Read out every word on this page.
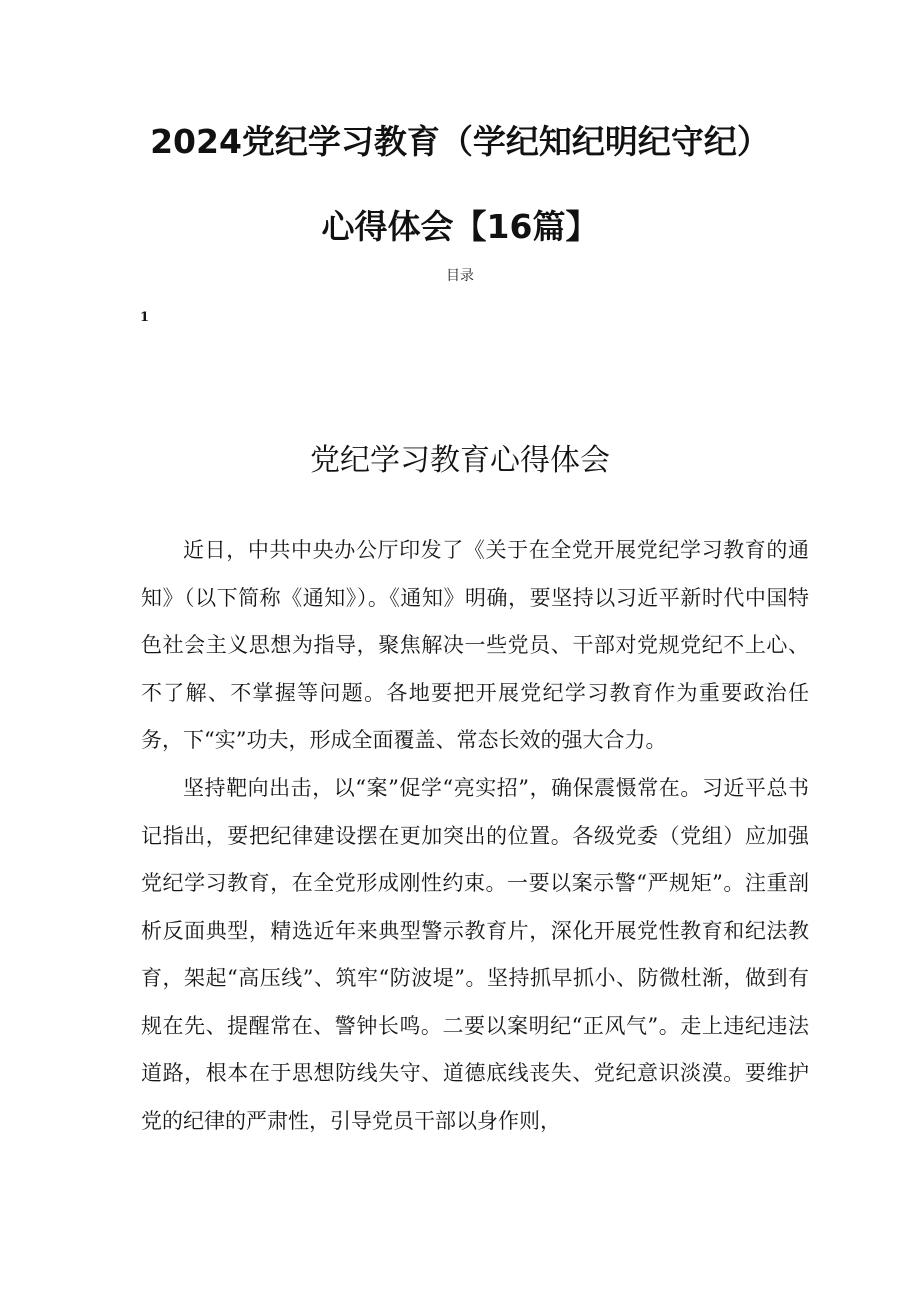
2024党纪学习教育（学纪知纪明纪守纪）
心得体会【16篇】
目录
1
党纪学习教育心得体会

近日，中共中央办公厅印发了《关于在全党开展党纪学习教育的通知》（以下简称《通知》）。《通知》明确，要坚持以习近平新时代中国特色社会主义思想为指导，聚焦解决一些党员、干部对党规党纪不上心、不了解、不掌握等问题。各地要把开展党纪学习教育作为重要政治任务，下“实”功夫，形成全面覆盖、常态长效的强大合力。

坚持靶向出击，以“案”促学“亮实招”，确保震慑常在。习近平总书记指出，要把纪律建设摆在更加突出的位置。各级党委（党组）应加强党纪学习教育，在全党形成刚性约束。一要以案示警“严规矩”。注重剖析反面典型，精选近年来典型警示教育片，深化开展党性教育和纪法教育，架起“高压线”、筑牢“防波堤”。坚持抓早抓小、防微杜渐，做到有规在先、提醒常在、警钟长鸣。二要以案明纪“正风气”。走上违纪违法道路，根本在于思想防线失守、道德底线丧失、党纪意识淡漠。要维护党的纪律的严肃性，引导党员干部以身作则，
